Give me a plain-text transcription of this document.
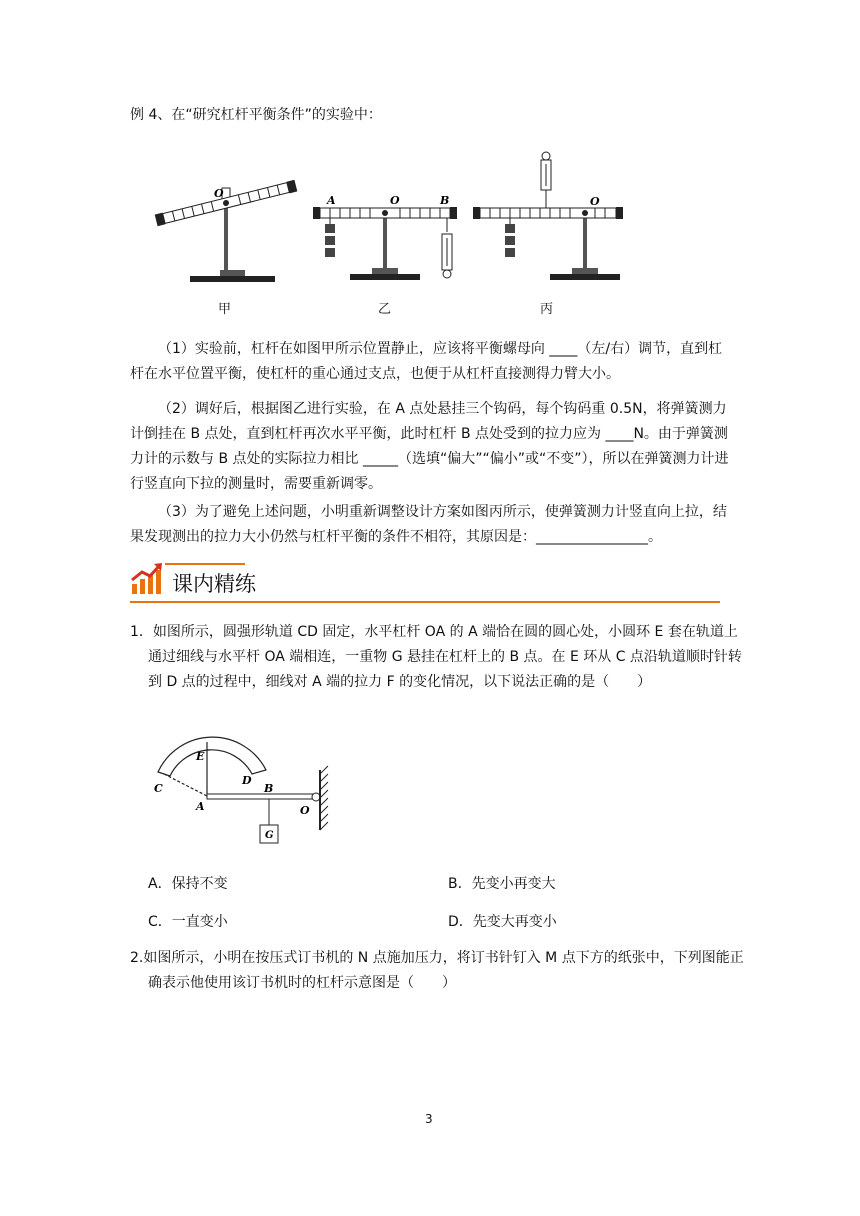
例 4、在“研究杠杆平衡条件”的实验中：
O
A	O	B	O
甲	乙	丙
（1）实验前，杠杆在如图甲所示位置静止，应该将平衡螺母向 ____（左/右）调节，直到杠杆在水平位置平衡，使杠杆的重心通过支点，也便于从杠杆直接测得力臂大小。
（2）调好后，根据图乙进行实验，在 A 点处悬挂三个钩码，每个钩码重 0.5N，将弹簧测力计倒挂在 B 点处，直到杠杆再次水平平衡，此时杠杆 B 点处受到的拉力应为 ____N。由于弹簧测力计的示数与 B 点处的实际拉力相比 _____（选填“偏大”“偏小”或“不变”），所以在弹簧测力计进行竖直向下拉的测量时，需要重新调零。
（3）为了避免上述问题，小明重新调整设计方案如图丙所示，使弹簧测力计竖直向上拉，结果发现测出的拉力大小仍然与杠杆平衡的条件不相符，其原因是：________________。
课内精练
1．如图所示，圆强形轨道 CD 固定，水平杠杆 OA 的 A 端恰在圆的圆心处，小圆环 E 套在轨道上通过细线与水平杆 OA 端相连，一重物 G 悬挂在杠杆上的 B 点。在 E 环从 C 点沿轨道顺时针转到 D 点的过程中，细线对 A 端的拉力 F 的变化情况，以下说法正确的是（　　）
E
C
D
B
A	O
G
A．保持不变	B．先变小再变大
C．一直变小	D．先变大再变小
2.如图所示，小明在按压式订书机的 N 点施加压力，将订书针钉入 M 点下方的纸张中，下列图能正确表示他使用该订书机时的杠杆示意图是（　　）
3
